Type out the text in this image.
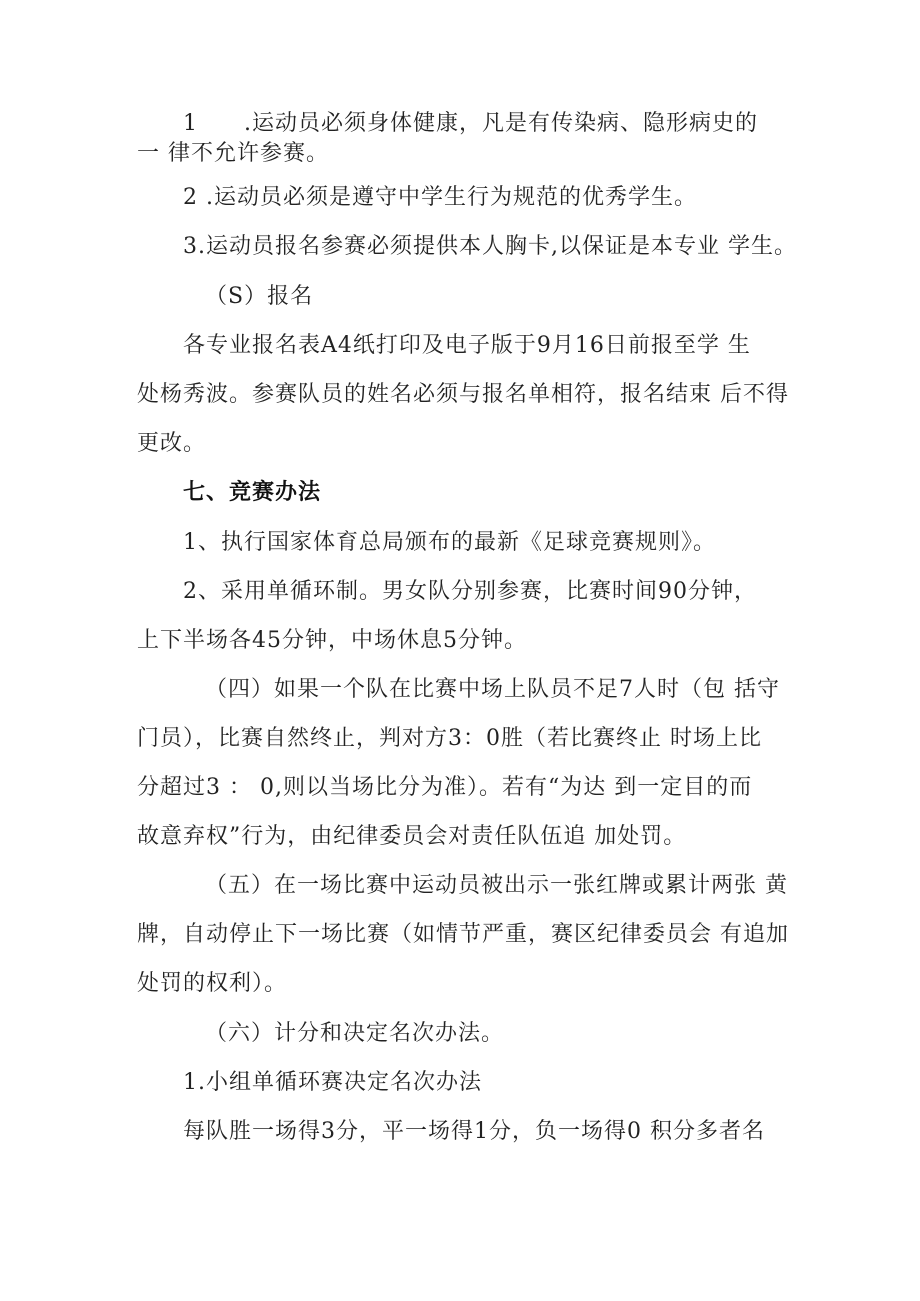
1　　.运动员必须身体健康，凡是有传染病、隐形病史的
一 律不允许参赛。
2 .运动员必须是遵守中学生行为规范的优秀学生。
3.运动员报名参赛必须提供本人胸卡,以保证是本专业 学生。
（S）报名
各专业报名表A4纸打印及电子版于9月16日前报至学 生
处杨秀波。参赛队员的姓名必须与报名单相符，报名结束 后不得
更改。
七、竞赛办法
1、执行国家体育总局颁布的最新《足球竞赛规则》。
2、采用单循环制。男女队分别参赛，比赛时间90分钟，
上下半场各45分钟，中场休息5分钟。
（四）如果一个队在比赛中场上队员不足7人时（包 括守
门员），比赛自然终止，判对方3：0胜（若比赛终止 时场上比
分超过3 ： 0,则以当场比分为准）。若有“为达 到一定目的而
故意弃权”行为，由纪律委员会对责任队伍追 加处罚。
（五）在一场比赛中运动员被出示一张红牌或累计两张 黄
牌，自动停止下一场比赛（如情节严重，赛区纪律委员会 有追加
处罚的权利）。
（六）计分和决定名次办法。
1.小组单循环赛决定名次办法
每队胜一场得3分，平一场得1分，负一场得0 积分多者名
